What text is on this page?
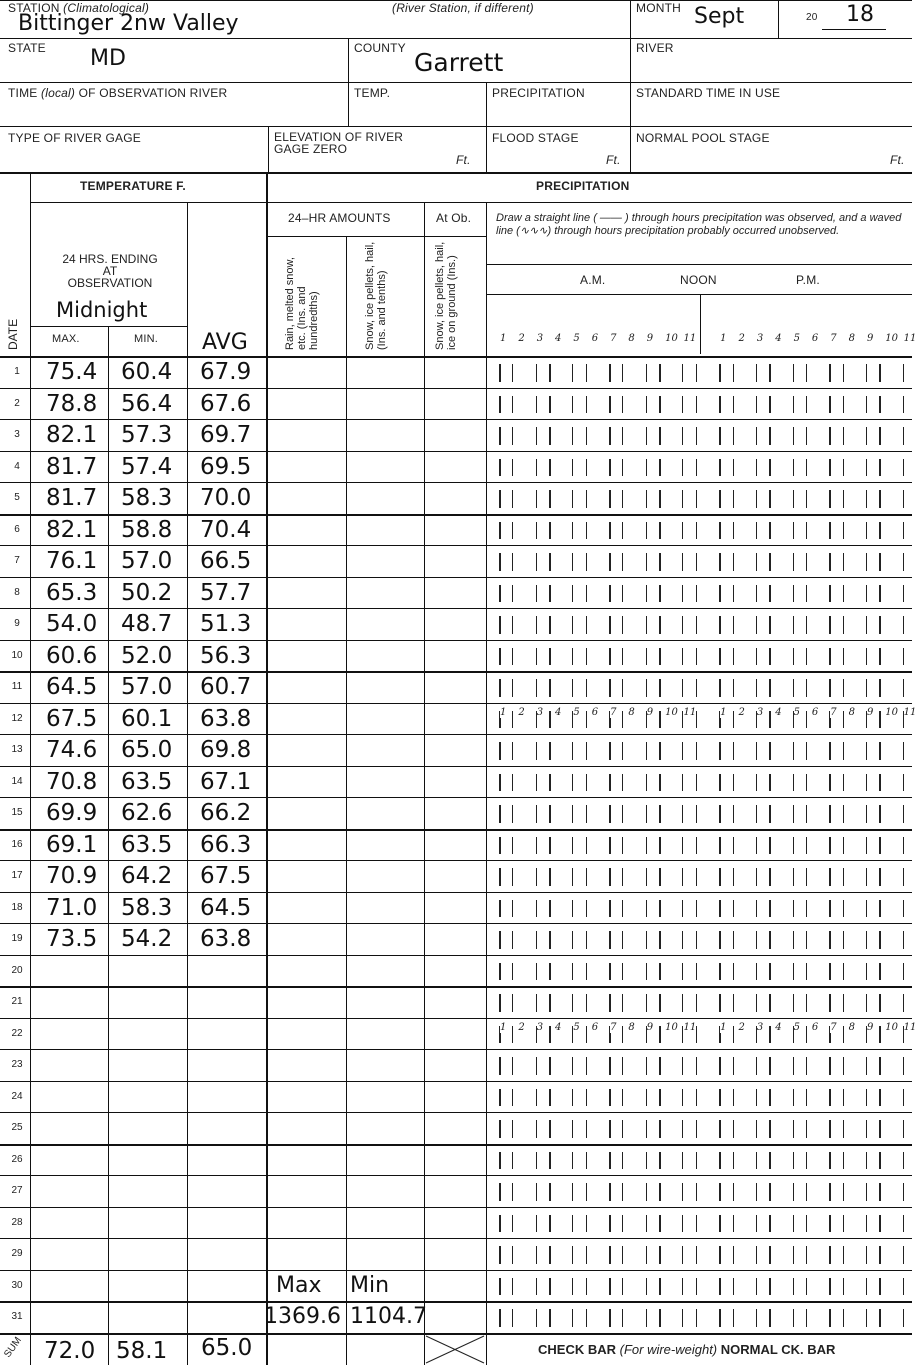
STATION (Climatological)	(River Station, if different)
Bittinger 2nw Valley
MONTH Sept	20 18
STATE MD	COUNTY Garrett	RIVER
TIME (local) OF OBSERVATION RIVER	TEMP.	PRECIPITATION	STANDARD TIME IN USE
TYPE OF RIVER GAGE	ELEVATION OF RIVER
GAGE ZERO
Ft.
FLOOD STAGE
Ft.
NORMAL POOL STAGE
Ft.
TEMPERATURE F.	PRECIPITATION
24–HR AMOUNTS	At Ob. Draw a straight line ( —— ) through hours precipitation was observed, and a waved line (∿∿∿) through hours precipitation probably occurred unobserved.
A.M.	NOON	P.M.
24 HRS. ENDING
AT
OBSERVATION
Midnight
MAX.	MIN. AVG
DATE	Rain, melted snow, etc. (Ins. and hundredths)	Snow, ice pellets, hail, (Ins. and tenths)	Snow, ice pellets, hail, ice on ground (Ins.)	1 2 3 4 5 6 7 8 9 10 11 1 2 3 4 5 6 7 8 9 10 11
1	75.4 60.4 67.9
2	78.8 56.4 67.6
3	82.1 57.3 69.7
4	81.7 57.4 69.5
5	81.7 58.3 70.0
6	82.1 58.8 70.4
7	76.1 57.0 66.5
8	65.3 50.2 57.7
9	54.0 48.7 51.3
10	60.6 52.0 56.3
11	64.5 57.0 60.7
12	67.5 60.1 63.8
13	74.6 65.0 69.8
14	70.8 63.5 67.1
15	69.9 62.6 66.2
16	69.1 63.5 66.3
17	70.9 64.2 67.5
18	71.0 58.3 64.5
19	73.5 54.2 63.8
20
21
22
23
24
25
26
27
28
29
30	Max Min
31	1369.6 1104.7
1 2 3 4 5 6 7 8 9 10 11 1 2 3 4 5 6 7 8 9 10 11
1 2 3 4 5 6 7 8 9 10 11 1 2 3 4 5 6 7 8 9 10 11
SUM 72.0 58.1 65.0	CHECK BAR (For wire-weight) NORMAL CK. BAR
